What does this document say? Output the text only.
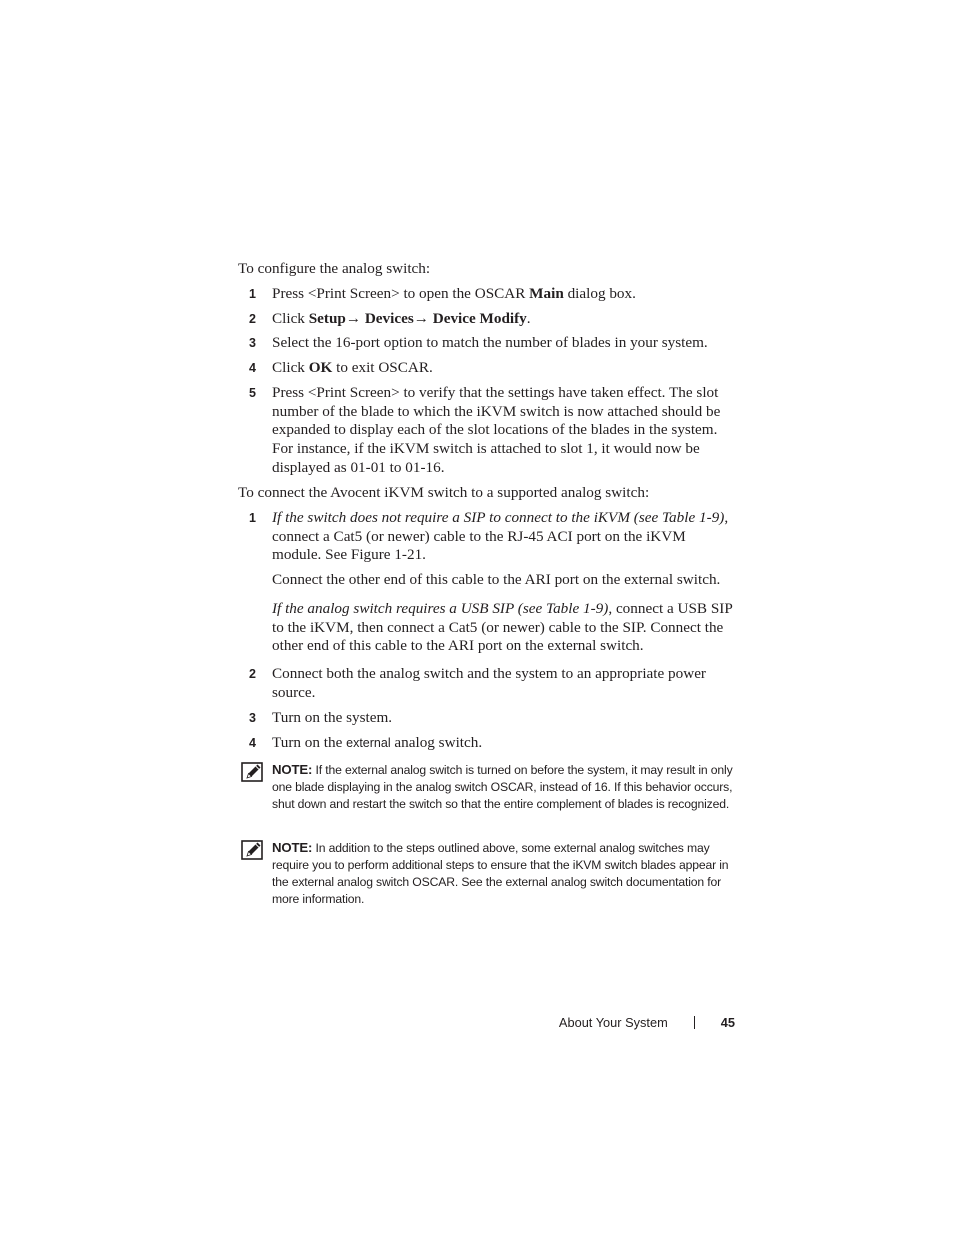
To configure the analog switch:

1	Press <Print Screen> to open the OSCAR Main dialog box.

2	Click Setup→ Devices→ Device Modify.

3	Select the 16-port option to match the number of blades in your system.

4	Click OK to exit OSCAR.

5	Press <Print Screen> to verify that the settings have taken effect. The slot number of the blade to which the iKVM switch is now attached should be expanded to display each of the slot locations of the blades in the system. For instance, if the iKVM switch is attached to slot 1, it would now be displayed as 01-01 to 01-16.

To connect the Avocent iKVM switch to a supported analog switch:

1	If the switch does not require a SIP to connect to the iKVM (see Table 1-9), connect a Cat5 (or newer) cable to the RJ-45 ACI port on the iKVM module. See Figure 1-21.

Connect the other end of this cable to the ARI port on the external switch.

If the analog switch requires a USB SIP (see Table 1-9), connect a USB SIP to the iKVM, then connect a Cat5 (or newer) cable to the SIP. Connect the other end of this cable to the ARI port on the external switch.

2	Connect both the analog switch and the system to an appropriate power source.

3	Turn on the system.

4	Turn on the external analog switch.

NOTE: If the external analog switch is turned on before the system, it may result in only one blade displaying in the analog switch OSCAR, instead of 16. If this behavior occurs, shut down and restart the switch so that the entire complement of blades is recognized.

NOTE: In addition to the steps outlined above, some external analog switches may require you to perform additional steps to ensure that the iKVM switch blades appear in the external analog switch OSCAR. See the external analog switch documentation for more information.

About Your System	45
